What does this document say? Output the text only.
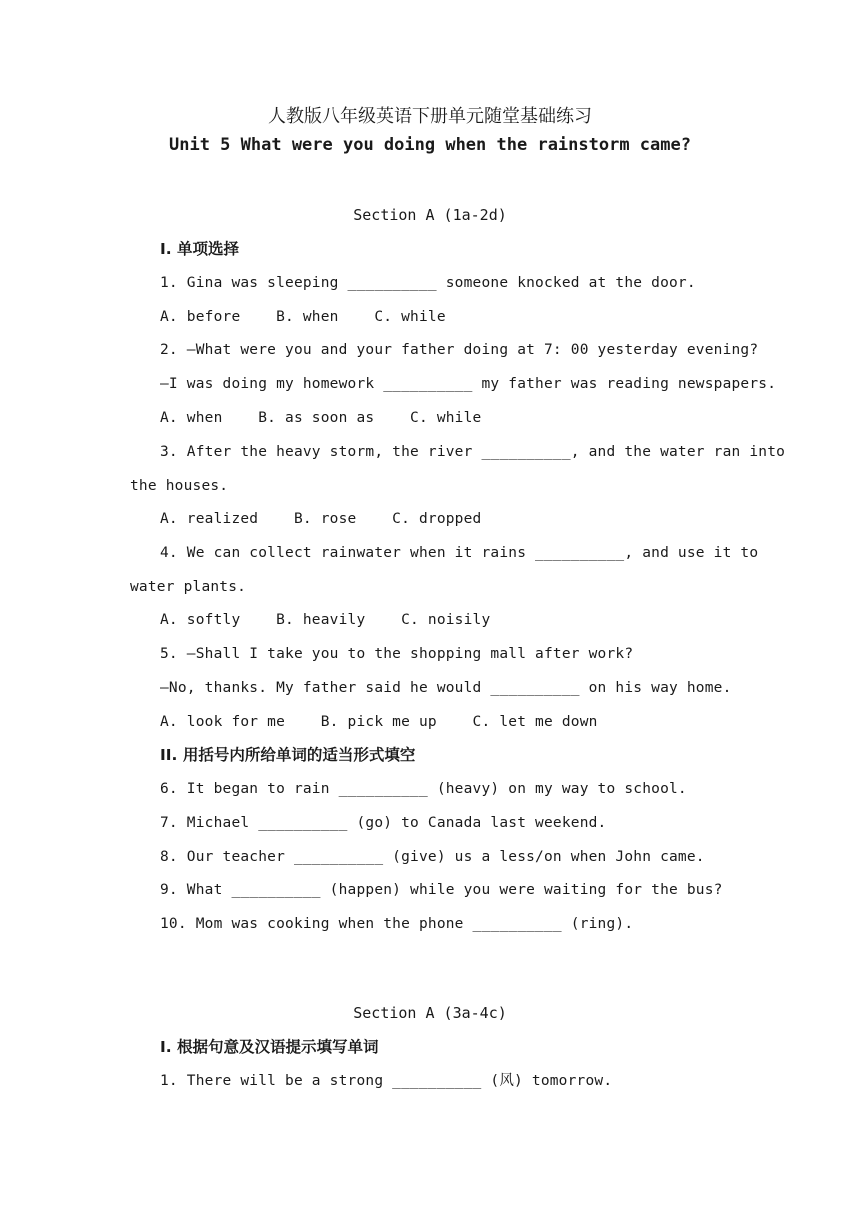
人教版八年级英语下册单元随堂基础练习
Unit 5 What were you doing when the rainstorm came?
Section A (1a-2d)
I. 单项选择
1. Gina was sleeping __________ someone knocked at the door.
A. before    B. when    C. while
2. —What were you and your father doing at 7: 00 yesterday evening?
—I was doing my homework __________ my father was reading newspapers.
A. when    B. as soon as    C. while
3. After the heavy storm, the river __________, and the water ran into
the houses.
A. realized    B. rose    C. dropped
4. We can collect rainwater when it rains __________, and use it to
water plants.
A. softly    B. heavily    C. noisily
5. —Shall I take you to the shopping mall after work?
—No, thanks. My father said he would __________ on his way home.
A. look for me    B. pick me up    C. let me down
II. 用括号内所给单词的适当形式填空
6. It began to rain __________ (heavy) on my way to school.
7. Michael __________ (go) to Canada last weekend.
8. Our teacher __________ (give) us a less/on when John came.
9. What __________ (happen) while you were waiting for the bus?
10. Mom was cooking when the phone __________ (ring).
Section A (3a-4c)
I. 根据句意及汉语提示填写单词
1. There will be a strong __________ (风) tomorrow.
